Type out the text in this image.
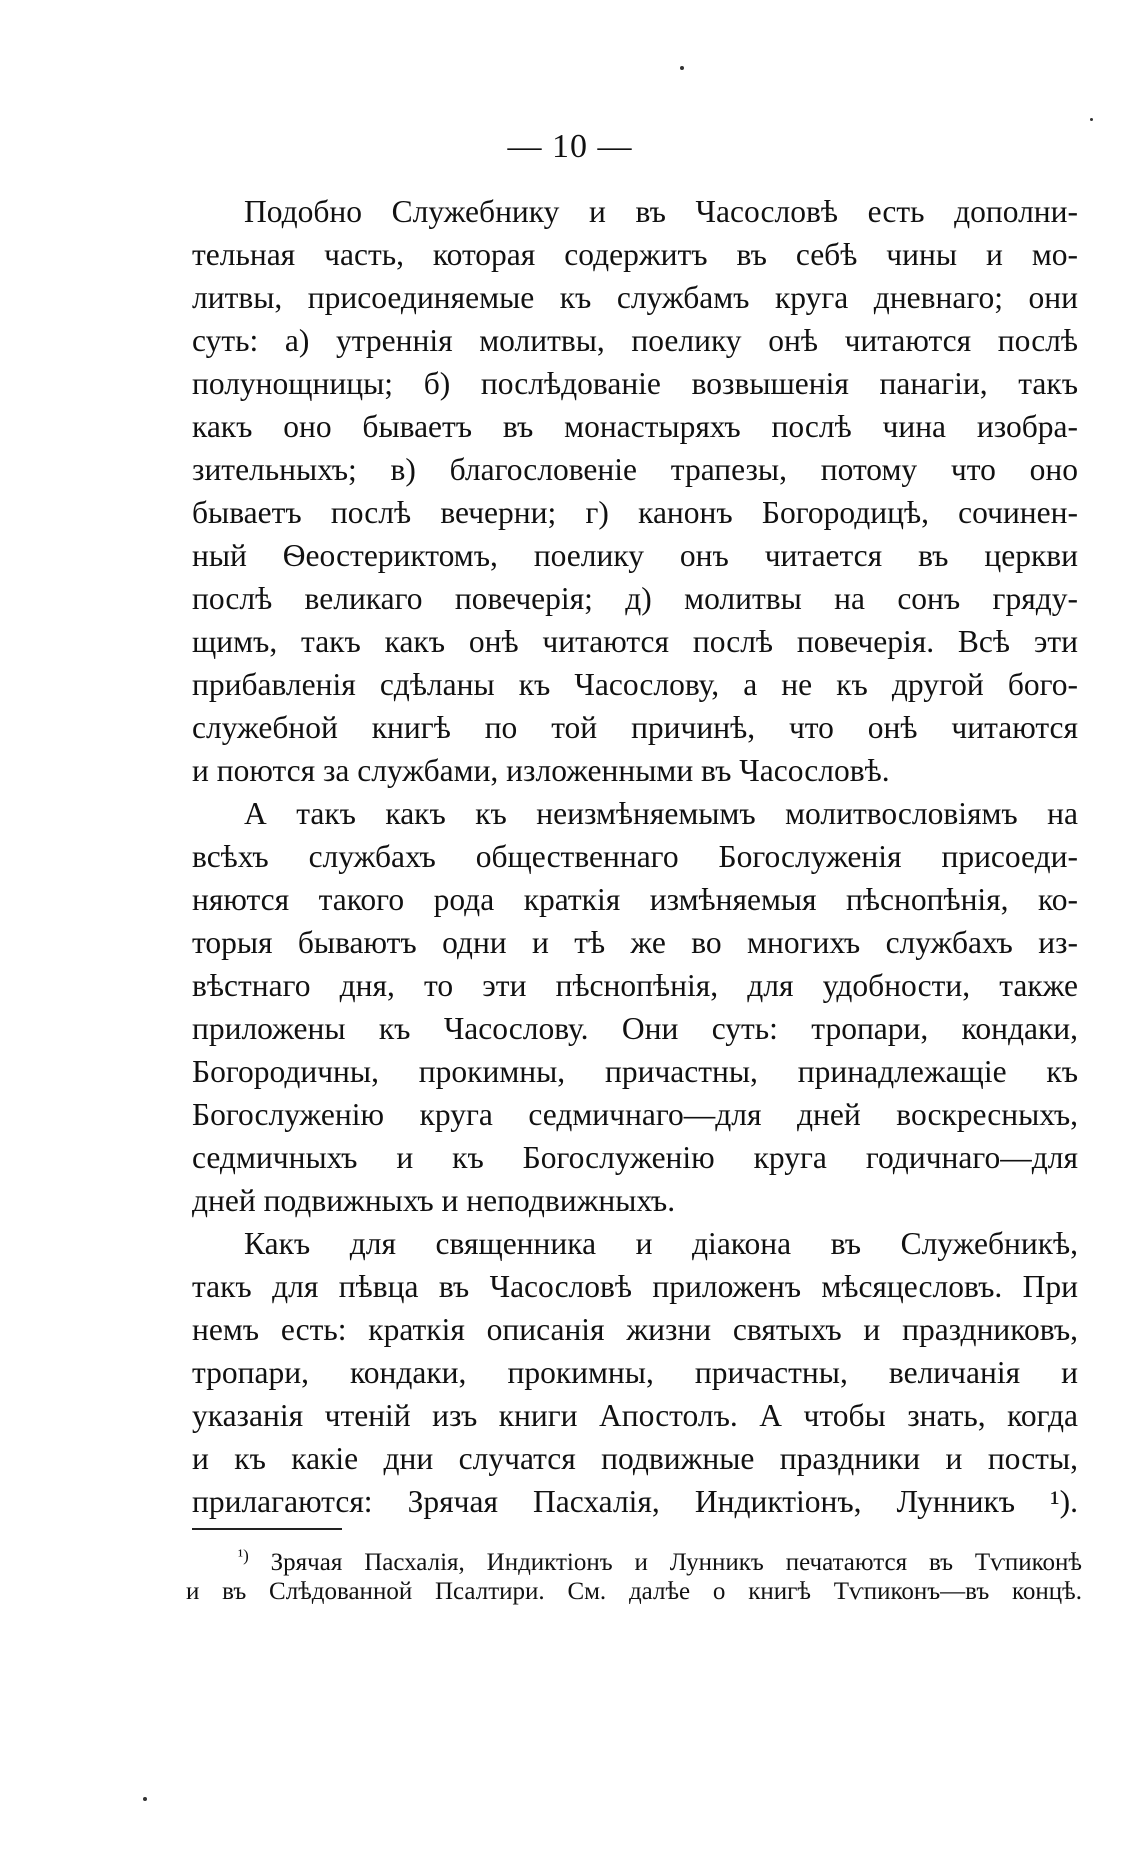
— 10 —
Подобно Служебнику и въ Часословѣ есть дополни-
тельная часть, которая содержитъ въ себѣ чины и мо-
литвы, присоединяемые къ службамъ круга дневнаго; они
суть: а) утреннія молитвы, поелику онѣ читаются послѣ
полунощницы; б) послѣдованіе возвышенія панагіи, такъ
какъ оно бываетъ въ монастыряхъ послѣ чина изобра-
зительныхъ; в) благословеніе трапезы, потому что оно
бываетъ послѣ вечерни; г) канонъ Богородицѣ, сочинен-
ный Ѳеостериктомъ, поелику онъ читается въ церкви
послѣ великаго повечерія; д) молитвы на сонъ грядy-
щимъ, такъ какъ онѣ читаются послѣ повечерія. Всѣ эти
прибавленія сдѣланы къ Часослову, а не къ другой бого-
служебной книгѣ по той причинѣ, что онѣ читаются
и поются за службами, изложенными въ Часословѣ.
А такъ какъ къ неизмѣняемымъ молитвословіямъ на
всѣхъ службахъ общественнаго Богослуженія присоеди-
няются такого рода краткія измѣняемыя пѣснопѣнія, ко-
торыя бываютъ одни и тѣ же во многихъ службахъ из-
вѣстнаго дня, то эти пѣснопѣнія, для удобности, также
приложены къ Часослову. Они суть: тропари, кондаки,
Богородичны, прокимны, причастны, принадлежащіе къ
Богослуженію круга седмичнаго—для дней воскресныхъ,
седмичныхъ и къ Богослуженію круга годичнаго—для
дней подвижныхъ и неподвижныхъ.
Какъ для священника и діакона въ Служебникѣ,
такъ для пѣвца въ Часословѣ приложенъ мѣсяцесловъ. При
немъ есть: краткія описанія жизни святыхъ и праздниковъ,
тропари, кондаки, прокимны, причастны, величанія и
указанія чтеній изъ книги Апостолъ. А чтобы знать, когда
и къ какіе дни случатся подвижные праздники и посты,
прилагаются: Зрячая Пасхалія, Индиктіонъ, Лунникъ ¹).
$^{^1)}$ Зрячая Пасхалія, Индиктіонъ и Лунникъ печатаются въ Тѵпиконѣ
и въ Слѣдованной Псалтири. См. далѣе о книгѣ Тѵпиконъ—въ концѣ.
